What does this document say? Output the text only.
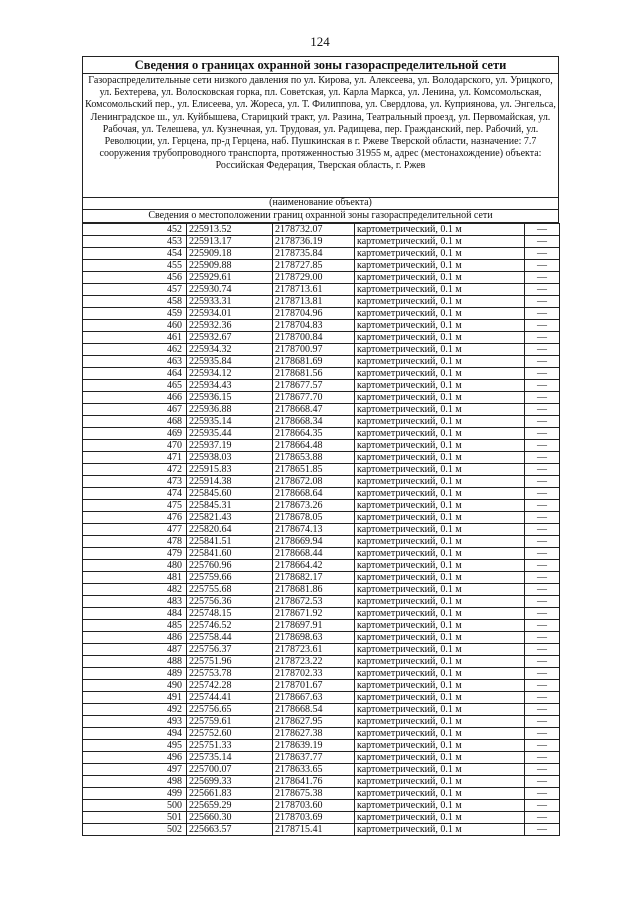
124
Сведения о границах охранной зоны газораспределительной сети
Газораспределительные сети низкого давления по ул. Кирова, ул. Алексеева, ул. Володарского, ул. Урицкого, ул. Бехтерева, ул. Волосковская горка, пл. Советская, ул. Карла Маркса, ул. Ленина, ул. Комсомольская, Комсомольский пер., ул. Елисеева, ул. Жореса, ул. Т. Филиппова, ул. Свердлова, ул. Куприянова, ул. Энгельса, Ленинградское ш., ул. Куйбышева, Старицкий тракт, ул. Разина, Театральный проезд, ул. Первомайская, ул. Рабочая, ул. Телешева, ул. Кузнечная, ул. Трудовая, ул. Радищева, пер. Гражданский, пер. Рабочий, ул. Революции, ул. Герцена, пр-д Герцена, наб. Пушкинская в г. Ржеве Тверской области, назначение: 7.7 сооружения трубопроводного транспорта, протяженностью 31955 м, адрес (местонахождение) объекта: Российская Федерация, Тверская область, г. Ржев
(наименование объекта)
Сведения о местоположении границ охранной зоны газораспределительной сети
452	225913.52	2178732.07	картометрический, 0.1 м	—
453	225913.17	2178736.19	картометрический, 0.1 м	—
454	225909.18	2178735.84	картометрический, 0.1 м	—
455	225909.88	2178727.85	картометрический, 0.1 м	—
456	225929.61	2178729.00	картометрический, 0.1 м	—
457	225930.74	2178713.61	картометрический, 0.1 м	—
458	225933.31	2178713.81	картометрический, 0.1 м	—
459	225934.01	2178704.96	картометрический, 0.1 м	—
460	225932.36	2178704.83	картометрический, 0.1 м	—
461	225932.67	2178700.84	картометрический, 0.1 м	—
462	225934.32	2178700.97	картометрический, 0.1 м	—
463	225935.84	2178681.69	картометрический, 0.1 м	—
464	225934.12	2178681.56	картометрический, 0.1 м	—
465	225934.43	2178677.57	картометрический, 0.1 м	—
466	225936.15	2178677.70	картометрический, 0.1 м	—
467	225936.88	2178668.47	картометрический, 0.1 м	—
468	225935.14	2178668.34	картометрический, 0.1 м	—
469	225935.44	2178664.35	картометрический, 0.1 м	—
470	225937.19	2178664.48	картометрический, 0.1 м	—
471	225938.03	2178653.88	картометрический, 0.1 м	—
472	225915.83	2178651.85	картометрический, 0.1 м	—
473	225914.38	2178672.08	картометрический, 0.1 м	—
474	225845.60	2178668.64	картометрический, 0.1 м	—
475	225845.31	2178673.26	картометрический, 0.1 м	—
476	225821.43	2178678.05	картометрический, 0.1 м	—
477	225820.64	2178674.13	картометрический, 0.1 м	—
478	225841.51	2178669.94	картометрический, 0.1 м	—
479	225841.60	2178668.44	картометрический, 0.1 м	—
480	225760.96	2178664.42	картометрический, 0.1 м	—
481	225759.66	2178682.17	картометрический, 0.1 м	—
482	225755.68	2178681.86	картометрический, 0.1 м	—
483	225756.36	2178672.53	картометрический, 0.1 м	—
484	225748.15	2178671.92	картометрический, 0.1 м	—
485	225746.52	2178697.91	картометрический, 0.1 м	—
486	225758.44	2178698.63	картометрический, 0.1 м	—
487	225756.37	2178723.61	картометрический, 0.1 м	—
488	225751.96	2178723.22	картометрический, 0.1 м	—
489	225753.78	2178702.33	картометрический, 0.1 м	—
490	225742.28	2178701.67	картометрический, 0.1 м	—
491	225744.41	2178667.63	картометрический, 0.1 м	—
492	225756.65	2178668.54	картометрический, 0.1 м	—
493	225759.61	2178627.95	картометрический, 0.1 м	—
494	225752.60	2178627.38	картометрический, 0.1 м	—
495	225751.33	2178639.19	картометрический, 0.1 м	—
496	225735.14	2178637.77	картометрический, 0.1 м	—
497	225700.07	2178633.65	картометрический, 0.1 м	—
498	225699.33	2178641.76	картометрический, 0.1 м	—
499	225661.83	2178675.38	картометрический, 0.1 м	—
500	225659.29	2178703.60	картометрический, 0.1 м	—
501	225660.30	2178703.69	картометрический, 0.1 м	—
502	225663.57	2178715.41	картометрический, 0.1 м	—
